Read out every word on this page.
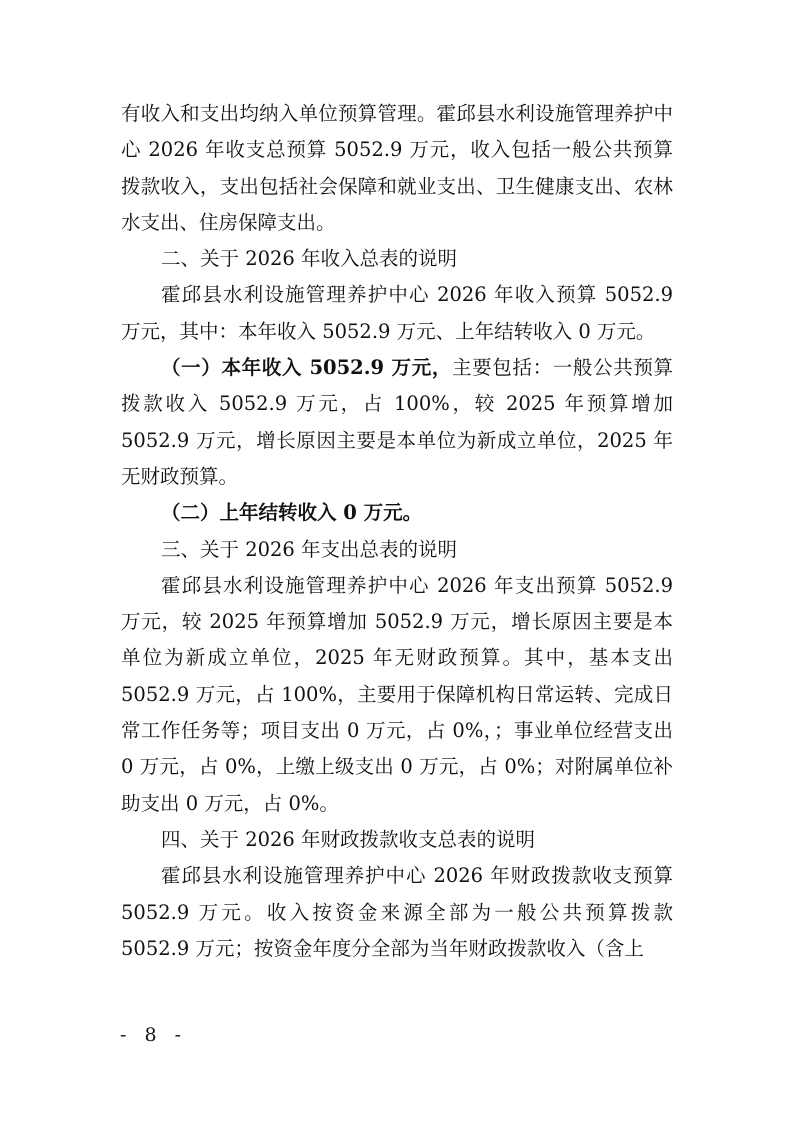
有收入和支出均纳入单位预算管理。霍邱县水利设施管理养护中心 2026 年收支总预算 5052.9 万元，收入包括一般公共预算拨款收入，支出包括社会保障和就业支出、卫生健康支出、农林水支出、住房保障支出。

二、关于 2026 年收入总表的说明

霍邱县水利设施管理养护中心 2026 年收入预算 5052.9 万元，其中：本年收入 5052.9 万元、上年结转收入 0 万元。

（一）本年收入 5052.9 万元，主要包括：一般公共预算拨款收入 5052.9 万元，占 100%，较 2025 年预算增加 5052.9 万元，增长原因主要是本单位为新成立单位，2025 年无财政预算。

（二）上年结转收入 0 万元。

三、关于 2026 年支出总表的说明

霍邱县水利设施管理养护中心 2026 年支出预算 5052.9 万元，较 2025 年预算增加 5052.9 万元，增长原因主要是本单位为新成立单位，2025 年无财政预算。其中，基本支出 5052.9 万元，占 100%，主要用于保障机构日常运转、完成日常工作任务等；项目支出 0 万元，占 0%，；事业单位经营支出 0 万元，占 0%，上缴上级支出 0 万元，占 0%；对附属单位补助支出 0 万元，占 0%。

四、关于 2026 年财政拨款收支总表的说明

霍邱县水利设施管理养护中心 2026 年财政拨款收支预算 5052.9 万元。收入按资金来源全部为一般公共预算拨款 5052.9 万元；按资金年度分全部为当年财政拨款收入（含上

- 8 -
